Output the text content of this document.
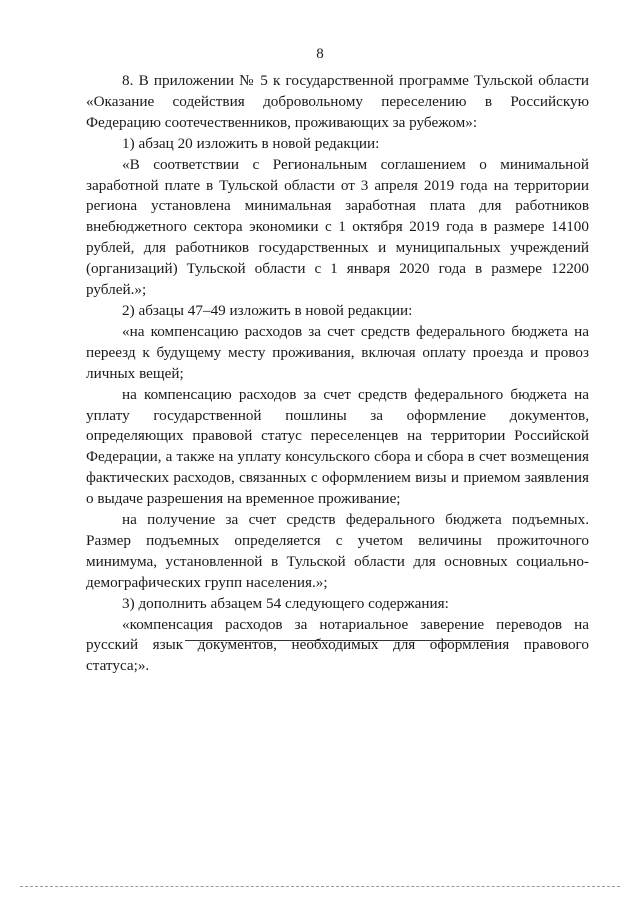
8

8. В приложении № 5 к государственной программе Тульской области «Оказание содействия добровольному переселению в Российскую Федерацию соотечественников, проживающих за рубежом»:

1) абзац 20 изложить в новой редакции:

«В соответствии с Региональным соглашением о минимальной заработной плате в Тульской области от 3 апреля 2019 года на территории региона установлена минимальная заработная плата для работников внебюджетного сектора экономики с 1 октября 2019 года в размере 14100 рублей, для работников государственных и муниципальных учреждений (организаций) Тульской области с 1 января 2020 года в размере 12200 рублей.»;

2) абзацы 47–49 изложить в новой редакции:

«на компенсацию расходов за счет средств федерального бюджета на переезд к будущему месту проживания, включая оплату проезда и провоз личных вещей;

на компенсацию расходов за счет средств федерального бюджета на уплату государственной пошлины за оформление документов, определяющих правовой статус переселенцев на территории Российской Федерации, а также на уплату консульского сбора и сбора в счет возмещения фактических расходов, связанных с оформлением визы и приемом заявления о выдаче разрешения на временное проживание;

на получение за счет средств федерального бюджета подъемных. Размер подъемных определяется с учетом величины прожиточного минимума, установленной в Тульской области для основных социально-демографических групп населения.»;

3) дополнить абзацем 54 следующего содержания:

«компенсация расходов за нотариальное заверение переводов на русский язык документов, необходимых для оформления правового статуса;».
